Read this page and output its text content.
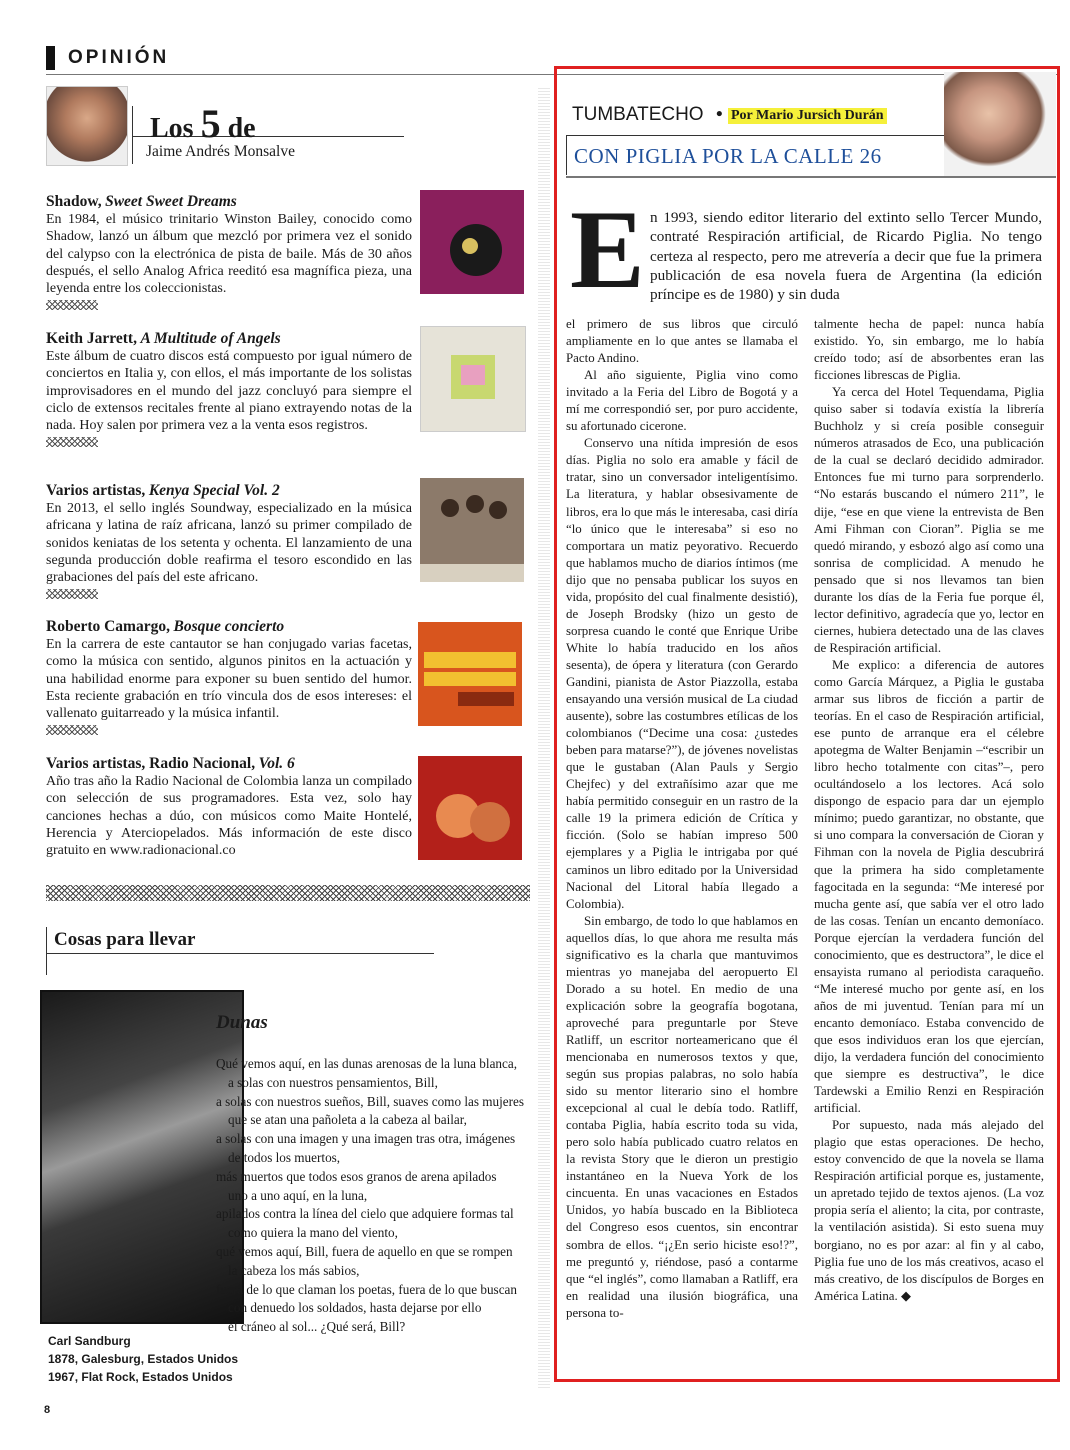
OPINIÓN
Los 5 de
Jaime Andrés Monsalve
Shadow, Sweet Sweet Dreams
En 1984, el músico trinitario Winston Bailey, conocido como Shadow, lanzó un álbum que mezcló por primera vez el sonido del calypso con la electrónica de pista de baile. Más de 30 años después, el sello Analog Africa reeditó esa magnífica pieza, una leyenda entre los coleccionistas.
Keith Jarrett, A Multitude of Angels
Este álbum de cuatro discos está compuesto por igual número de conciertos en Italia y, con ellos, el más importante de los solistas improvisadores en el mundo del jazz concluyó para siempre el ciclo de extensos recitales frente al piano extrayendo notas de la nada. Hoy salen por primera vez a la venta esos registros.
Varios artistas, Kenya Special Vol. 2
En 2013, el sello inglés Soundway, especializado en la música africana y latina de raíz africana, lanzó su primer compilado de sonidos keniatas de los setenta y ochenta. El lanzamiento de una segunda producción doble reafirma el tesoro escondido en las grabaciones del país del este africano.
Roberto Camargo, Bosque concierto
En la carrera de este cantautor se han conjugado varias facetas, como la música con sentido, algunos pinitos en la actuación y una habilidad enorme para exponer su buen sentido del humor. Esta reciente grabación en trío vincula dos de esos intereses: el vallenato guitarreado y la música infantil.
Varios artistas, Radio Nacional, Vol. 6
Año tras año la Radio Nacional de Colombia lanza un compilado con selección de sus programadores. Esta vez, solo hay canciones hechas a dúo, con músicos como Maite Hontelé, Herencia y Aterciopelados. Más información de este disco gratuito en www.radionacional.co
Cosas para llevar
Dunas
Qué vemos aquí, en las dunas arenosas de la luna blanca,
a solas con nuestros pensamientos, Bill,
a solas con nuestros sueños, Bill, suaves como las mujeres
que se atan una pañoleta a la cabeza al bailar,
a solas con una imagen y una imagen tras otra, imágenes
de todos los muertos,
más muertos que todos esos granos de arena apilados
uno a uno aquí, en la luna,
apilados contra la línea del cielo que adquiere formas tal
como quiera la mano del viento,
qué vemos aquí, Bill, fuera de aquello en que se rompen
la cabeza los más sabios,
fuera de lo que claman los poetas, fuera de lo que buscan
con denuedo los soldados, hasta dejarse por ello
el cráneo al sol... ¿Qué será, Bill?
Carl Sandburg
1878, Galesburg, Estados Unidos
1967, Flat Rock, Estados Unidos
8
TUMBATECHO • Por Mario Jursich Durán
CON PIGLIA POR LA CALLE 26
E n 1993, siendo editor literario del extinto sello Tercer Mundo, contraté Respiración artificial, de Ricardo Piglia. No tengo certeza al respecto, pero me atrevería a decir que fue la primera publicación de esa novela fuera de Argentina (la edición príncipe es de 1980) y sin duda

el primero de sus libros que circuló ampliamente en lo que antes se llamaba el Pacto Andino.

Al año siguiente, Piglia vino como invitado a la Feria del Libro de Bogotá y a mí me correspondió ser, por puro accidente, su afortunado cicerone.

Conservo una nítida impresión de esos días. Piglia no solo era amable y fácil de tratar, sino un conversador inteligentísimo. La literatura, y hablar obsesivamente de libros, era lo que más le interesaba, casi diría “lo único que le interesaba” si eso no comportara un matiz peyorativo. Recuerdo que hablamos mucho de diarios íntimos (me dijo que no pensaba publicar los suyos en vida, propósito del cual finalmente desistió), de Joseph Brodsky (hizo un gesto de sorpresa cuando le conté que Enrique Uribe White lo había traducido en los años sesenta), de ópera y literatura (con Gerardo Gandini, pianista de Astor Piazzolla, estaba ensayando una versión musical de La ciudad ausente), sobre las costumbres etílicas de los colombianos (“Decime una cosa: ¿ustedes beben para matarse?”), de jóvenes novelistas que le gustaban (Alan Pauls y Sergio Chejfec) y del extrañísimo azar que me había permitido conseguir en un rastro de la calle 19 la primera edición de Crítica y ficción. (Solo se habían impreso 500 ejemplares y a Piglia le intrigaba por qué caminos un libro editado por la Universidad Nacional del Litoral había llegado a Colombia).

Sin embargo, de todo lo que hablamos en aquellos días, lo que ahora me resulta más significativo es la charla que mantuvimos mientras yo manejaba del aeropuerto El Dorado a su hotel. En medio de una explicación sobre la geografía bogotana, aproveché para preguntarle por Steve Ratliff, un escritor norteamericano que él mencionaba en numerosos textos y que, según sus propias palabras, no solo había sido su mentor literario sino el hombre excepcional al cual le debía todo. Ratliff, contaba Piglia, había escrito toda su vida, pero solo había publicado cuatro relatos en la revista Story que le dieron un prestigio instantáneo en la Nueva York de los cincuenta. En unas vacaciones en Estados Unidos, yo había buscado en la Biblioteca del Congreso esos cuentos, sin encontrar sombra de ellos. “¡¿En serio hiciste eso!?”, me preguntó y, riéndose, pasó a contarme que “el inglés”, como llamaban a Ratliff, era en realidad una ilusión biográfica, una persona to-

talmente hecha de papel: nunca había existido. Yo, sin embargo, me lo había creído todo; así de absorbentes eran las ficciones librescas de Piglia.

Ya cerca del Hotel Tequendama, Piglia quiso saber si todavía existía la librería Buchholz y si creía posible conseguir números atrasados de Eco, una publicación de la cual se declaró decidido admirador. Entonces fue mi turno para sorprenderlo. “No estarás buscando el número 211”, le dije, “ese en que viene la entrevista de Ben Ami Fihman con Cioran”. Piglia se me quedó mirando, y esbozó algo así como una sonrisa de complicidad. A menudo he pensado que si nos llevamos tan bien durante los días de la Feria fue porque él, lector definitivo, agradecía que yo, lector en ciernes, hubiera detectado una de las claves de Respiración artificial.

Me explico: a diferencia de autores como García Márquez, a Piglia le gustaba armar sus libros de ficción a partir de teorías. En el caso de Respiración artificial, ese punto de arranque era el célebre apotegma de Walter Benjamin –“escribir un libro hecho totalmente con citas”–, pero ocultándoselo a los lectores. Acá solo dispongo de espacio para dar un ejemplo mínimo; puedo garantizar, no obstante, que si uno compara la conversación de Cioran y Fihman con la novela de Piglia descubrirá que la primera ha sido completamente fagocitada en la segunda: “Me interesé por mucha gente así, que sabía ver el otro lado de las cosas. Tenían un encanto demoníaco. Porque ejercían la verdadera función del conocimiento, que es destructora”, le dice el ensayista rumano al periodista caraqueño. “Me interesé mucho por gente así, en los años de mi juventud. Tenían para mí un encanto demoníaco. Estaba convencido de que esos individuos eran los que ejercían, dijo, la verdadera función del conocimiento que siempre es destructiva”, le dice Tardewski a Emilio Renzi en Respiración artificial.

Por supuesto, nada más alejado del plagio que estas operaciones. De hecho, estoy convencido de que la novela se llama Respiración artificial porque es, justamente, un apretado tejido de textos ajenos. (La voz propia sería el aliento; la cita, por contraste, la ventilación asistida). Si esto suena muy borgiano, no es por azar: al fin y al cabo, Piglia fue uno de los más creativos, acaso el más creativo, de los discípulos de Borges en América Latina. ◆
